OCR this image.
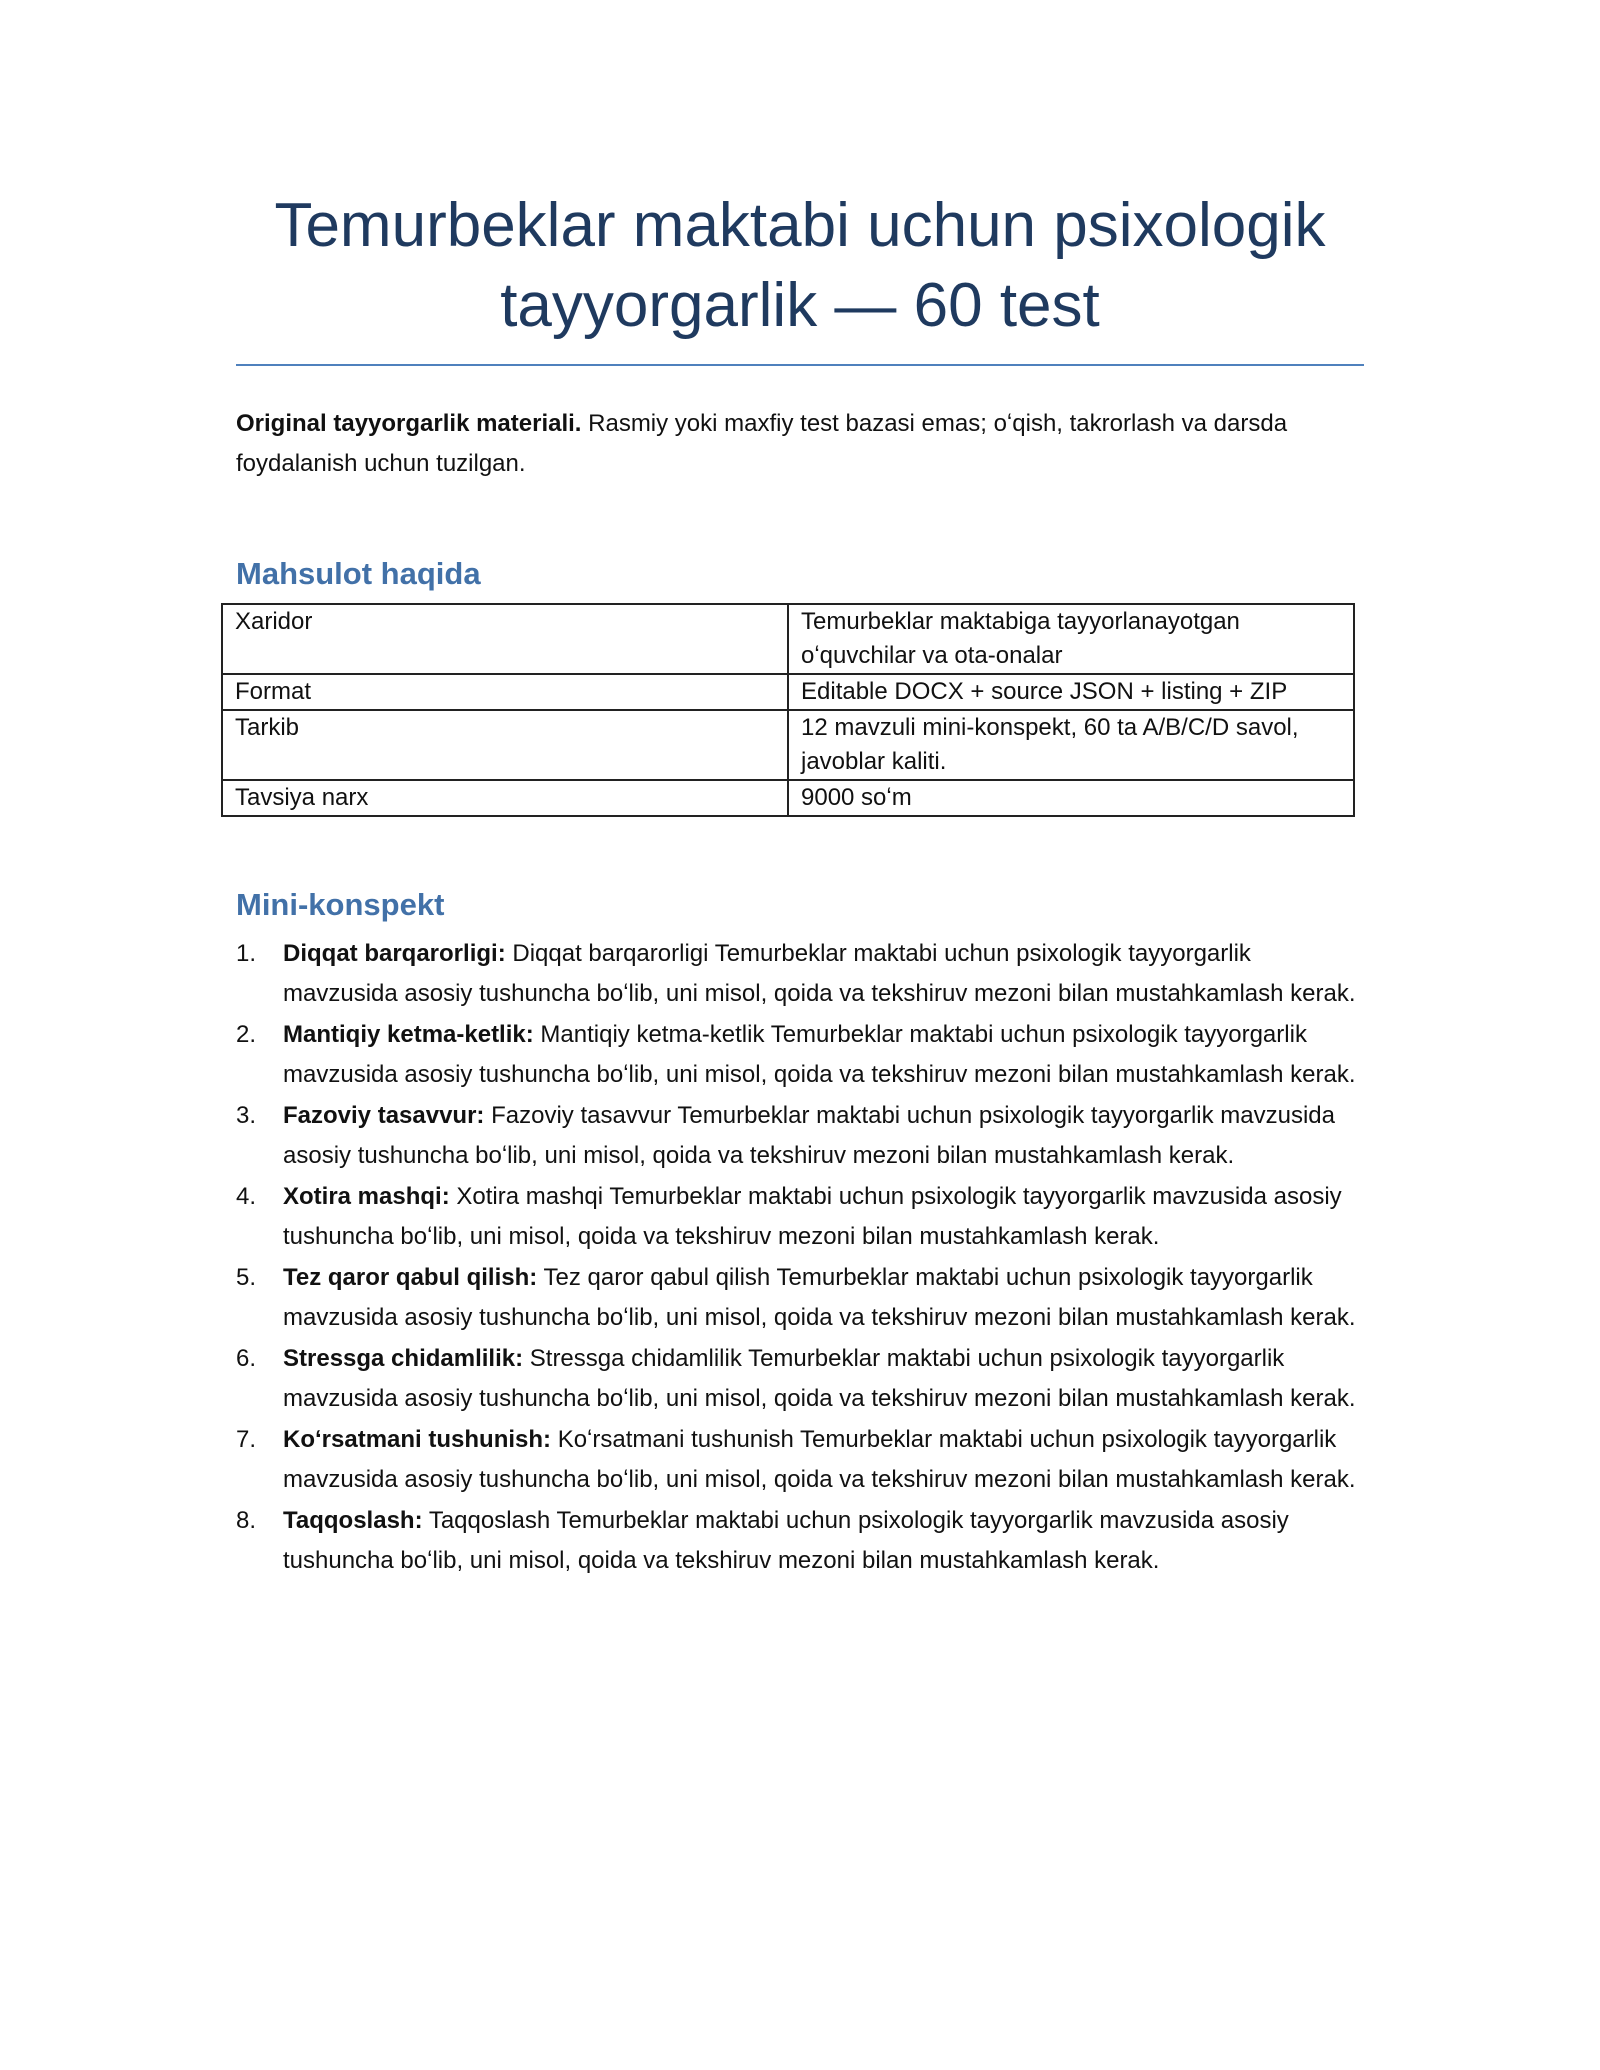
Temurbeklar maktabi uchun psixologik tayyorgarlik — 60 test

Original tayyorgarlik materiali. Rasmiy yoki maxfiy test bazasi emas; oʻqish, takrorlash va darsda foydalanish uchun tuzilgan.

Mahsulot haqida
Xaridor	Temurbeklar maktabiga tayyorlanayotgan oʻquvchilar va ota-onalar
Format	Editable DOCX + source JSON + listing + ZIP
Tarkib	12 mavzuli mini-konspekt, 60 ta A/B/C/D savol, javoblar kaliti.
Tavsiya narx	9000 soʻm
Mini-konspekt
1. Diqqat barqarorligi: Diqqat barqarorligi Temurbeklar maktabi uchun psixologik tayyorgarlik mavzusida asosiy tushuncha boʻlib, uni misol, qoida va tekshiruv mezoni bilan mustahkamlash kerak.
2. Mantiqiy ketma-ketlik: Mantiqiy ketma-ketlik Temurbeklar maktabi uchun psixologik tayyorgarlik mavzusida asosiy tushuncha boʻlib, uni misol, qoida va tekshiruv mezoni bilan mustahkamlash kerak.
3. Fazoviy tasavvur: Fazoviy tasavvur Temurbeklar maktabi uchun psixologik tayyorgarlik mavzusida asosiy tushuncha boʻlib, uni misol, qoida va tekshiruv mezoni bilan mustahkamlash kerak.
4. Xotira mashqi: Xotira mashqi Temurbeklar maktabi uchun psixologik tayyorgarlik mavzusida asosiy tushuncha boʻlib, uni misol, qoida va tekshiruv mezoni bilan mustahkamlash kerak.
5. Tez qaror qabul qilish: Tez qaror qabul qilish Temurbeklar maktabi uchun psixologik tayyorgarlik mavzusida asosiy tushuncha boʻlib, uni misol, qoida va tekshiruv mezoni bilan mustahkamlash kerak.
6. Stressga chidamlilik: Stressga chidamlilik Temurbeklar maktabi uchun psixologik tayyorgarlik mavzusida asosiy tushuncha boʻlib, uni misol, qoida va tekshiruv mezoni bilan mustahkamlash kerak.
7. Koʻrsatmani tushunish: Koʻrsatmani tushunish Temurbeklar maktabi uchun psixologik tayyorgarlik mavzusida asosiy tushuncha boʻlib, uni misol, qoida va tekshiruv mezoni bilan mustahkamlash kerak.
8. Taqqoslash: Taqqoslash Temurbeklar maktabi uchun psixologik tayyorgarlik mavzusida asosiy tushuncha boʻlib, uni misol, qoida va tekshiruv mezoni bilan mustahkamlash kerak.
